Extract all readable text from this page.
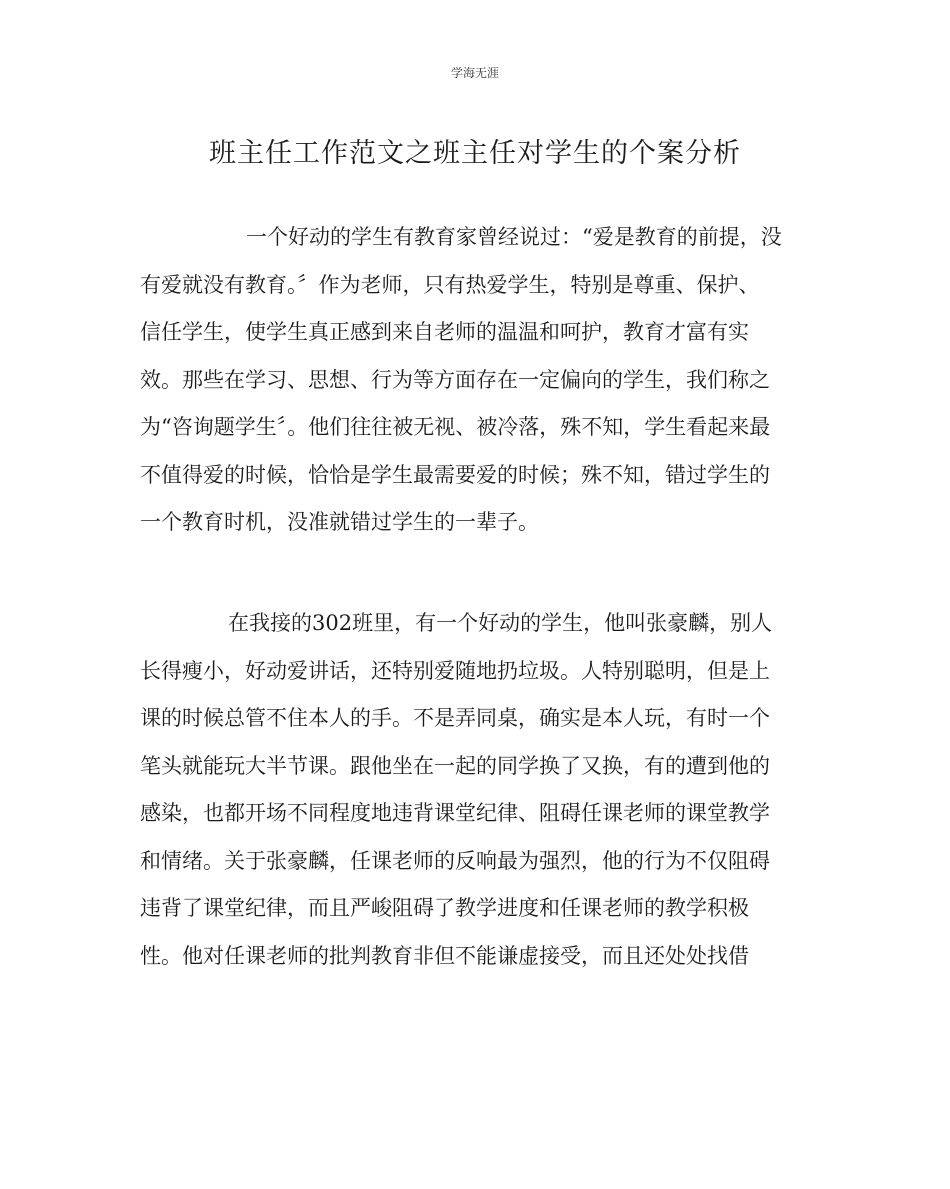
学海无涯
班主任工作范文之班主任对学生的个案分析
一个好动的学生有教育家曾经说过：“爱是教育的前提，没
有爱就没有教育。〞作为老师，只有热爱学生，特别是尊重、保护、
信任学生，使学生真正感到来自老师的温温和呵护，教育才富有实
效。那些在学习、思想、行为等方面存在一定偏向的学生，我们称之
为“咨询题学生〞。他们往往被无视、被冷落，殊不知，学生看起来最
不值得爱的时候，恰恰是学生最需要爱的时候；殊不知，错过学生的
一个教育时机，没准就错过学生的一辈子。
在我接的302班里，有一个好动的学生，他叫张豪麟，别人
长得瘦小，好动爱讲话，还特别爱随地扔垃圾。人特别聪明，但是上
课的时候总管不住本人的手。不是弄同桌，确实是本人玩，有时一个
笔头就能玩大半节课。跟他坐在一起的同学换了又换，有的遭到他的
感染，也都开场不同程度地违背课堂纪律、阻碍任课老师的课堂教学
和情绪。关于张豪麟，任课老师的反响最为强烈，他的行为不仅阻碍
违背了课堂纪律，而且严峻阻碍了教学进度和任课老师的教学积极
性。他对任课老师的批判教育非但不能谦虚接受，而且还处处找借
